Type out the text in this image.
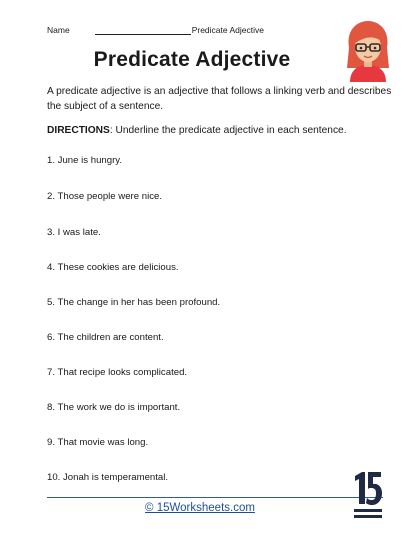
Name	Predicate Adjective
Predicate Adjective
A predicate adjective is an adjective that follows a linking verb and describes the subject of a sentence.
DIRECTIONS: Underline the predicate adjective in each sentence.
1. June is hungry.
2. Those people were nice.
3. I was late.
4. These cookies are delicious.
5. The change in her has been profound.
6. The children are content.
7. That recipe looks complicated.
8. The work we do is important.
9. That movie was long.
10. Jonah is temperamental.
© 15Worksheets.com
